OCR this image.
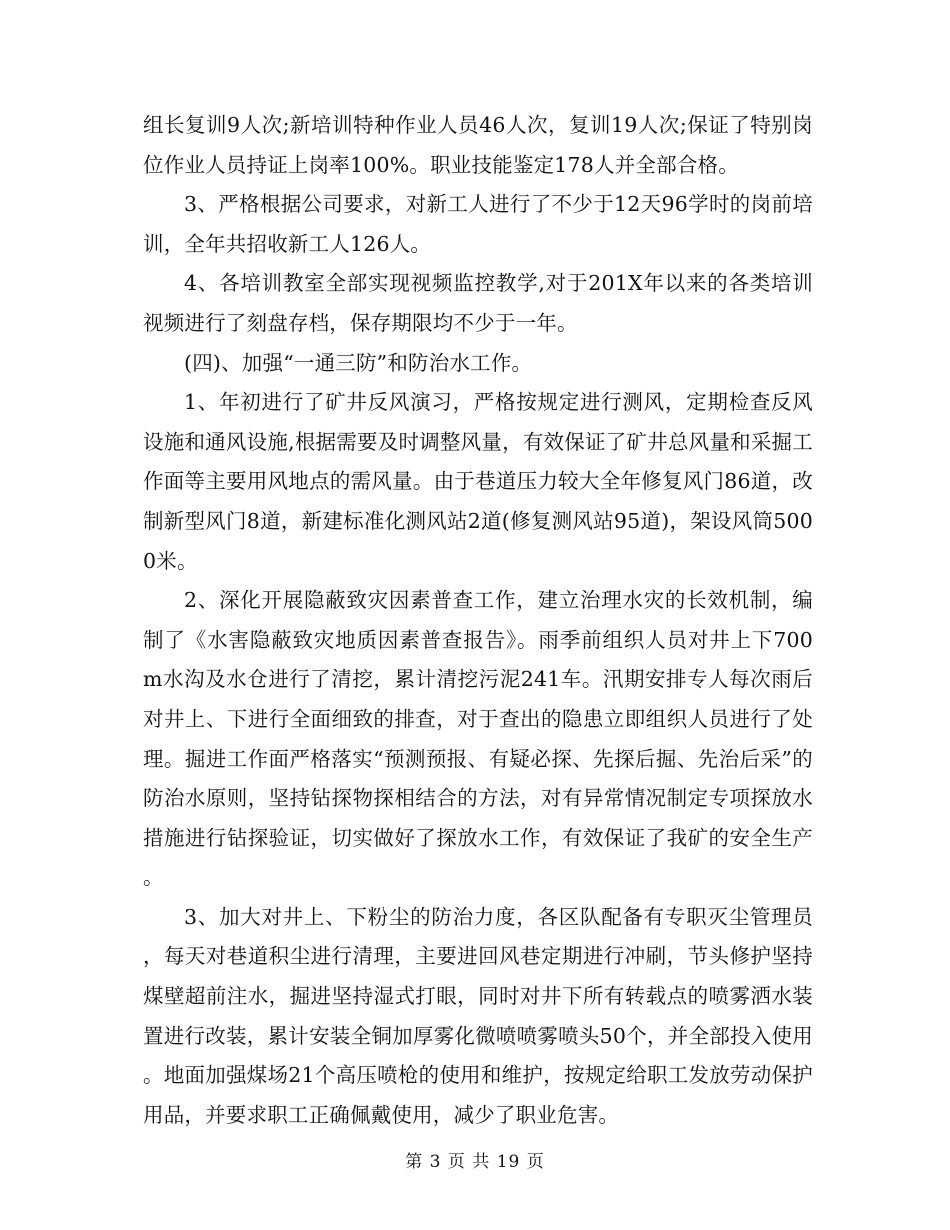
组长复训9人次;新培训特种作业人员46人次，复训19人次;保证了特别岗位作业人员持证上岗率100%。职业技能鉴定178人并全部合格。

3、严格根据公司要求，对新工人进行了不少于12天96学时的岗前培训，全年共招收新工人126人。

4、各培训教室全部实现视频监控教学,对于201X年以来的各类培训视频进行了刻盘存档，保存期限均不少于一年。

(四)、加强“一通三防”和防治水工作。

1、年初进行了矿井反风演习，严格按规定进行测风，定期检查反风设施和通风设施,根据需要及时调整风量，有效保证了矿井总风量和采掘工作面等主要用风地点的需风量。由于巷道压力较大全年修复风门86道，改制新型风门8道，新建标准化测风站2道(修复测风站95道)，架设风筒5000米。

2、深化开展隐蔽致灾因素普查工作，建立治理水灾的长效机制，编制了《水害隐蔽致灾地质因素普查报告》。雨季前组织人员对井上下700m水沟及水仓进行了清挖，累计清挖污泥241车。汛期安排专人每次雨后对井上、下进行全面细致的排查，对于查出的隐患立即组织人员进行了处理。掘进工作面严格落实“预测预报、有疑必探、先探后掘、先治后采”的防治水原则，坚持钻探物探相结合的方法，对有异常情况制定专项探放水措施进行钻探验证，切实做好了探放水工作，有效保证了我矿的安全生产。

3、加大对井上、下粉尘的防治力度，各区队配备有专职灭尘管理员，每天对巷道积尘进行清理，主要进回风巷定期进行冲刷，节头修护坚持煤壁超前注水，掘进坚持湿式打眼，同时对井下所有转载点的喷雾洒水装置进行改装，累计安装全铜加厚雾化微喷喷雾喷头50个，并全部投入使用。地面加强煤场21个高压喷枪的使用和维护，按规定给职工发放劳动保护用品，并要求职工正确佩戴使用，减少了职业危害。

第 3 页 共 19 页
